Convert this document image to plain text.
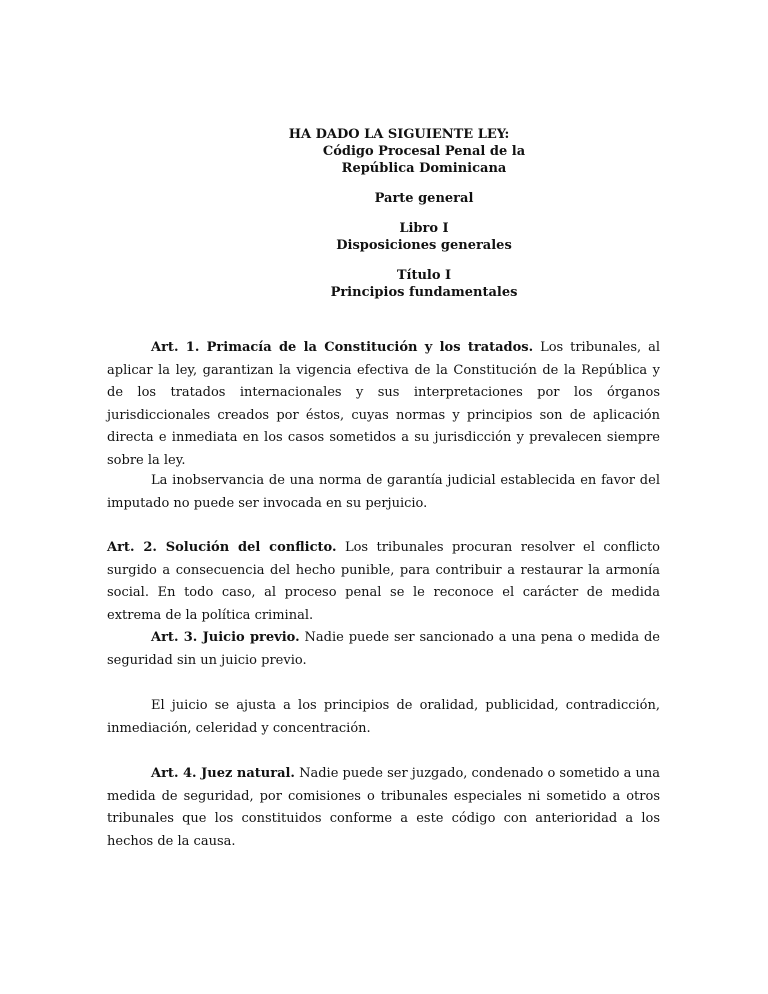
HA DADO LA SIGUIENTE LEY:
Código Procesal Penal de la
República Dominicana
Parte general
Libro I
Disposiciones generales
Título I
Principios fundamentales

Art. 1. Primacía de la Constitución y los tratados. Los tribunales, al aplicar la ley, garantizan la vigencia efectiva de la Constitución de la República y de los tratados internacionales y sus interpretaciones por los órganos jurisdiccionales creados por éstos, cuyas normas y principios son de aplicación directa e inmediata en los casos sometidos a su jurisdicción y prevalecen siempre sobre la ley.

La inobservancia de una norma de garantía judicial establecida en favor del imputado no puede ser invocada en su perjuicio.

Art. 2. Solución del conflicto. Los tribunales procuran resolver el conflicto surgido a consecuencia del hecho punible, para contribuir a restaurar la armonía social. En todo caso, al proceso penal se le reconoce el carácter de medida extrema de la política criminal.

Art. 3. Juicio previo. Nadie puede ser sancionado a una pena o medida de seguridad sin un juicio previo.

El juicio se ajusta a los principios de oralidad, publicidad, contradicción, inmediación, celeridad y concentración.

Art. 4. Juez natural. Nadie puede ser juzgado, condenado o sometido a una medida de seguridad, por comisiones o tribunales especiales ni sometido a otros tribunales que los constituidos conforme a este código con anterioridad a los hechos de la causa.
